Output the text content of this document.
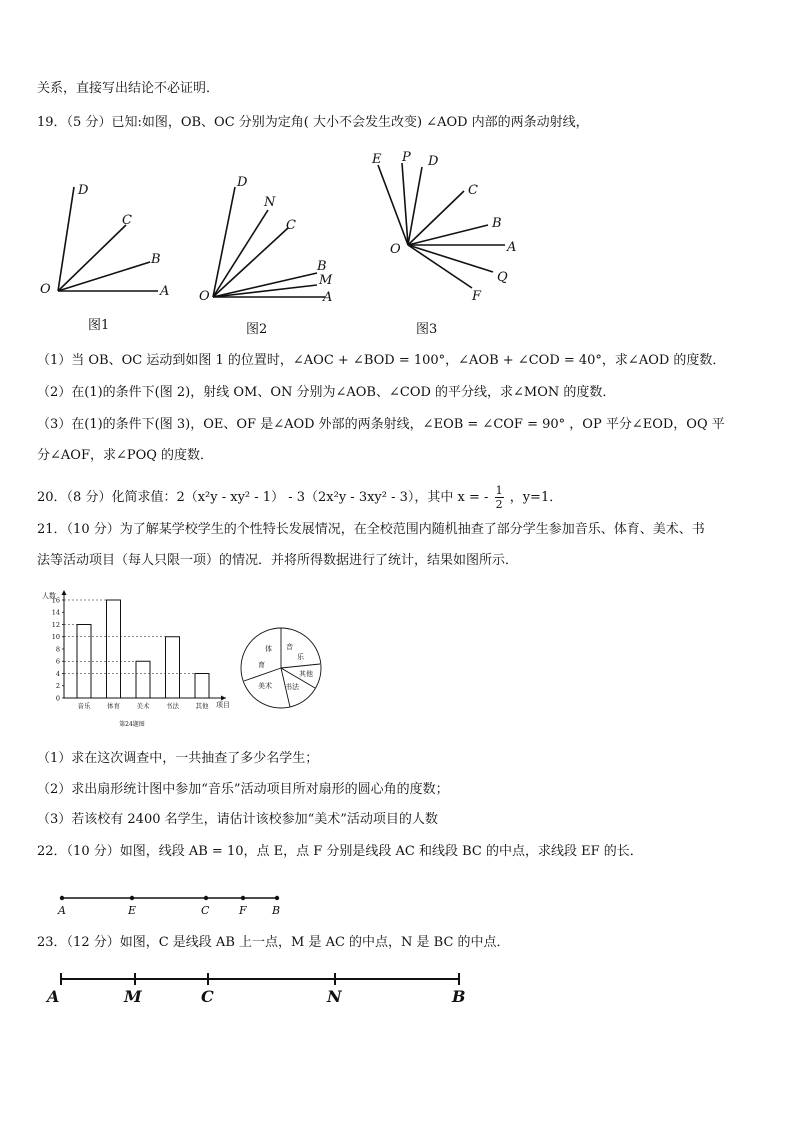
关系，直接写出结论不必证明．
19．（5 分）已知:如图，OB、OC 分别为定角( 大小不会发生改变) ∠AOD 内部的两条动射线，
D
C
B
O	A
图1
D
N
C
B
M
O	A
图2
E P D
C
B
O	A
Q
F
图3
（1）当 OB、OC 运动到如图 1 的位置时，∠AOC + ∠BOD = 100°，∠AOB + ∠COD = 40°，求∠AOD 的度数．
（2）在(1)的条件下(图 2)，射线 OM、ON 分别为∠AOB、∠COD 的平分线，求∠MON 的度数．
（3）在(1)的条件下(图 3)，OE、OF 是∠AOD 外部的两条射线，∠EOB = ∠COF = 90° ，OP 平分∠EOD，OQ 平
分∠AOF，求∠POQ 的度数．
20．（8 分）化简求值：2（x²y - xy² - 1） - 3（2x²y - 3xy² - 3），其中 x = - $\frac{1}{2}$ ，y=1．
21．（10 分）为了解某学校学生的个性特长发展情况，在全校范围内随机抽查了部分学生参加音乐、体育、美术、书
法等活动项目（每人只限一项）的情况．并将所得数据进行了统计，结果如图所示．
人数
项目
第24题图
0
2
4
6
8
10
12
14
16
音乐	体育	美术	书法	其他
体
育
音
乐
其他
书法
美术
（1）求在这次调查中，一共抽查了多少名学生；
（2）求出扇形统计图中参加“音乐”活动项目所对扇形的圆心角的度数；
（3）若该校有 2400 名学生，请估计该校参加“美术”活动项目的人数
22．（10 分）如图，线段 AB = 10，点 E，点 F 分别是线段 AC 和线段 BC 的中点，求线段 EF 的长．
A	E	C	F B
23．（12 分）如图，C 是线段 AB 上一点，M 是 AC 的中点，N 是 BC 的中点．
A	M	C	N	B
